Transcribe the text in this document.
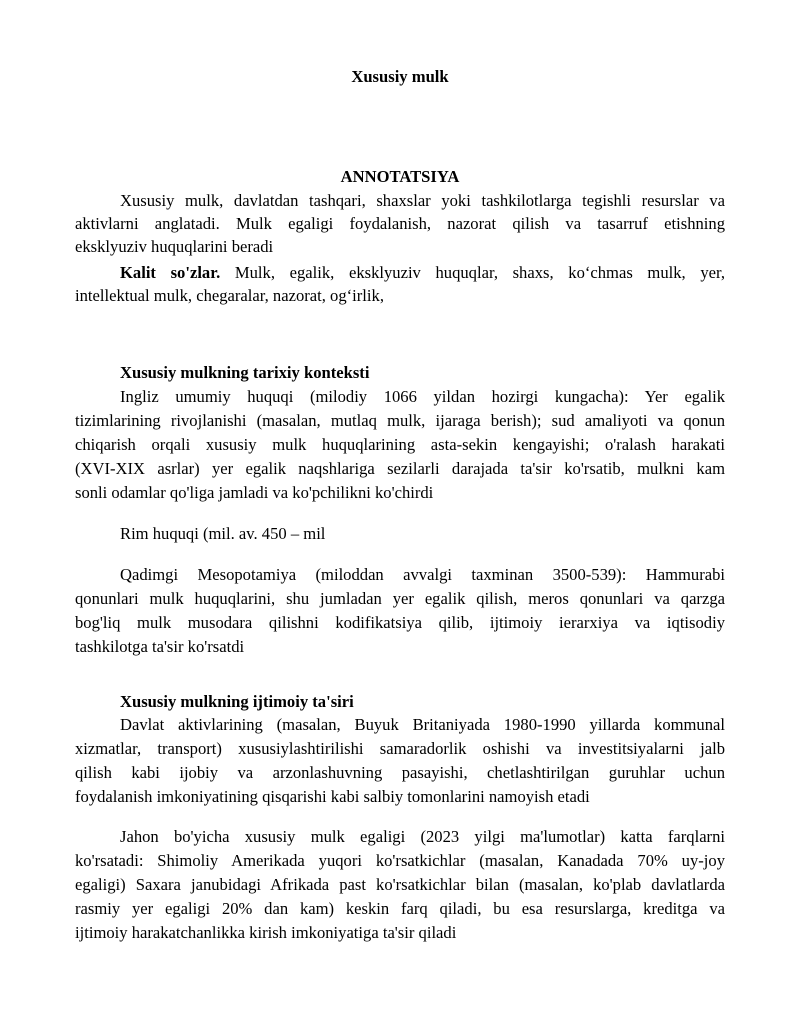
Xususiy mulk
ANNOTATSIYA
Xususiy mulk, davlatdan tashqari, shaxslar yoki tashkilotlarga tegishli resurslar va
aktivlarni anglatadi. Mulk egaligi foydalanish, nazorat qilish va tasarruf etishning
eksklyuziv huquqlarini beradi
Kalit so'zlar. Mulk, egalik, eksklyuziv huquqlar, shaxs, ko‘chmas mulk, yer,
intellektual mulk, chegaralar, nazorat, og‘irlik,
Xususiy mulkning tarixiy konteksti
Ingliz umumiy huquqi (milodiy 1066 yildan hozirgi kungacha): Yer egalik
tizimlarining rivojlanishi (masalan, mutlaq mulk, ijaraga berish); sud amaliyoti va qonun
chiqarish orqali xususiy mulk huquqlarining asta-sekin kengayishi; o'ralash harakati
(XVI-XIX asrlar) yer egalik naqshlariga sezilarli darajada ta'sir ko'rsatib, mulkni kam
sonli odamlar qo'liga jamladi va ko'pchilikni ko'chirdi
Rim huquqi (mil. av. 450 – mil
Qadimgi Mesopotamiya (miloddan avvalgi taxminan 3500-539): Hammurabi
qonunlari mulk huquqlarini, shu jumladan yer egalik qilish, meros qonunlari va qarzga
bog'liq mulk musodara qilishni kodifikatsiya qilib, ijtimoiy ierarxiya va iqtisodiy
tashkilotga ta'sir ko'rsatdi
Xususiy mulkning ijtimoiy ta'siri
Davlat aktivlarining (masalan, Buyuk Britaniyada 1980-1990 yillarda kommunal
xizmatlar, transport) xususiylashtirilishi samaradorlik oshishi va investitsiyalarni jalb
qilish kabi ijobiy va arzonlashuvning pasayishi, chetlashtirilgan guruhlar uchun
foydalanish imkoniyatining qisqarishi kabi salbiy tomonlarini namoyish etadi
Jahon bo'yicha xususiy mulk egaligi (2023 yilgi ma'lumotlar) katta farqlarni
ko'rsatadi: Shimoliy Amerikada yuqori ko'rsatkichlar (masalan, Kanadada 70% uy-joy
egaligi) Saxara janubidagi Afrikada past ko'rsatkichlar bilan (masalan, ko'plab davlatlarda
rasmiy yer egaligi 20% dan kam) keskin farq qiladi, bu esa resurslarga, kreditga va
ijtimoiy harakatchanlikka kirish imkoniyatiga ta'sir qiladi
